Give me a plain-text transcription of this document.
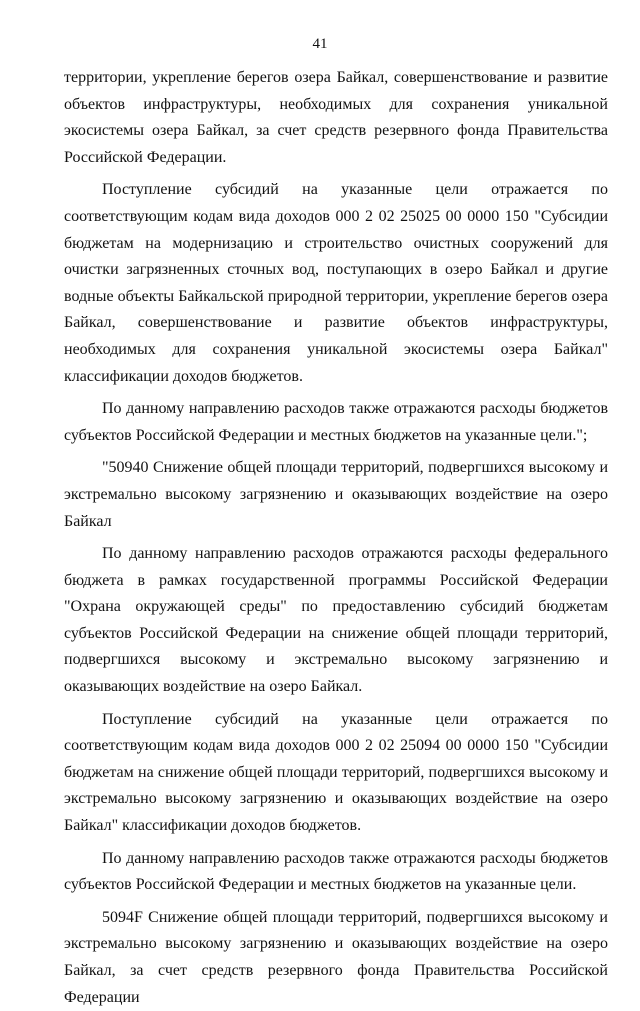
41

территории, укрепление берегов озера Байкал, совершенствование и развитие объектов инфраструктуры, необходимых для сохранения уникальной экосистемы озера Байкал, за счет средств резервного фонда Правительства Российской Федерации.

Поступление субсидий на указанные цели отражается по соответствующим кодам вида доходов 000 2 02 25025 00 0000 150 "Субсидии бюджетам на модернизацию и строительство очистных сооружений для очистки загрязненных сточных вод, поступающих в озеро Байкал и другие водные объекты Байкальской природной территории, укрепление берегов озера Байкал, совершенствование и развитие объектов инфраструктуры, необходимых для сохранения уникальной экосистемы озера Байкал" классификации доходов бюджетов.

По данному направлению расходов также отражаются расходы бюджетов субъектов Российской Федерации и местных бюджетов на указанные цели.";

"50940 Снижение общей площади территорий, подвергшихся высокому и экстремально высокому загрязнению и оказывающих воздействие на озеро Байкал

По данному направлению расходов отражаются расходы федерального бюджета в рамках государственной программы Российской Федерации "Охрана окружающей среды" по предоставлению субсидий бюджетам субъектов Российской Федерации на снижение общей площади территорий, подвергшихся высокому и экстремально высокому загрязнению и оказывающих воздействие на озеро Байкал.

Поступление субсидий на указанные цели отражается по соответствующим кодам вида доходов 000 2 02 25094 00 0000 150 "Субсидии бюджетам на снижение общей площади территорий, подвергшихся высокому и экстремально высокому загрязнению и оказывающих воздействие на озеро Байкал" классификации доходов бюджетов.

По данному направлению расходов также отражаются расходы бюджетов субъектов Российской Федерации и местных бюджетов на указанные цели.

5094F Снижение общей площади территорий, подвергшихся высокому и экстремально высокому загрязнению и оказывающих воздействие на озеро Байкал, за счет средств резервного фонда Правительства Российской Федерации
